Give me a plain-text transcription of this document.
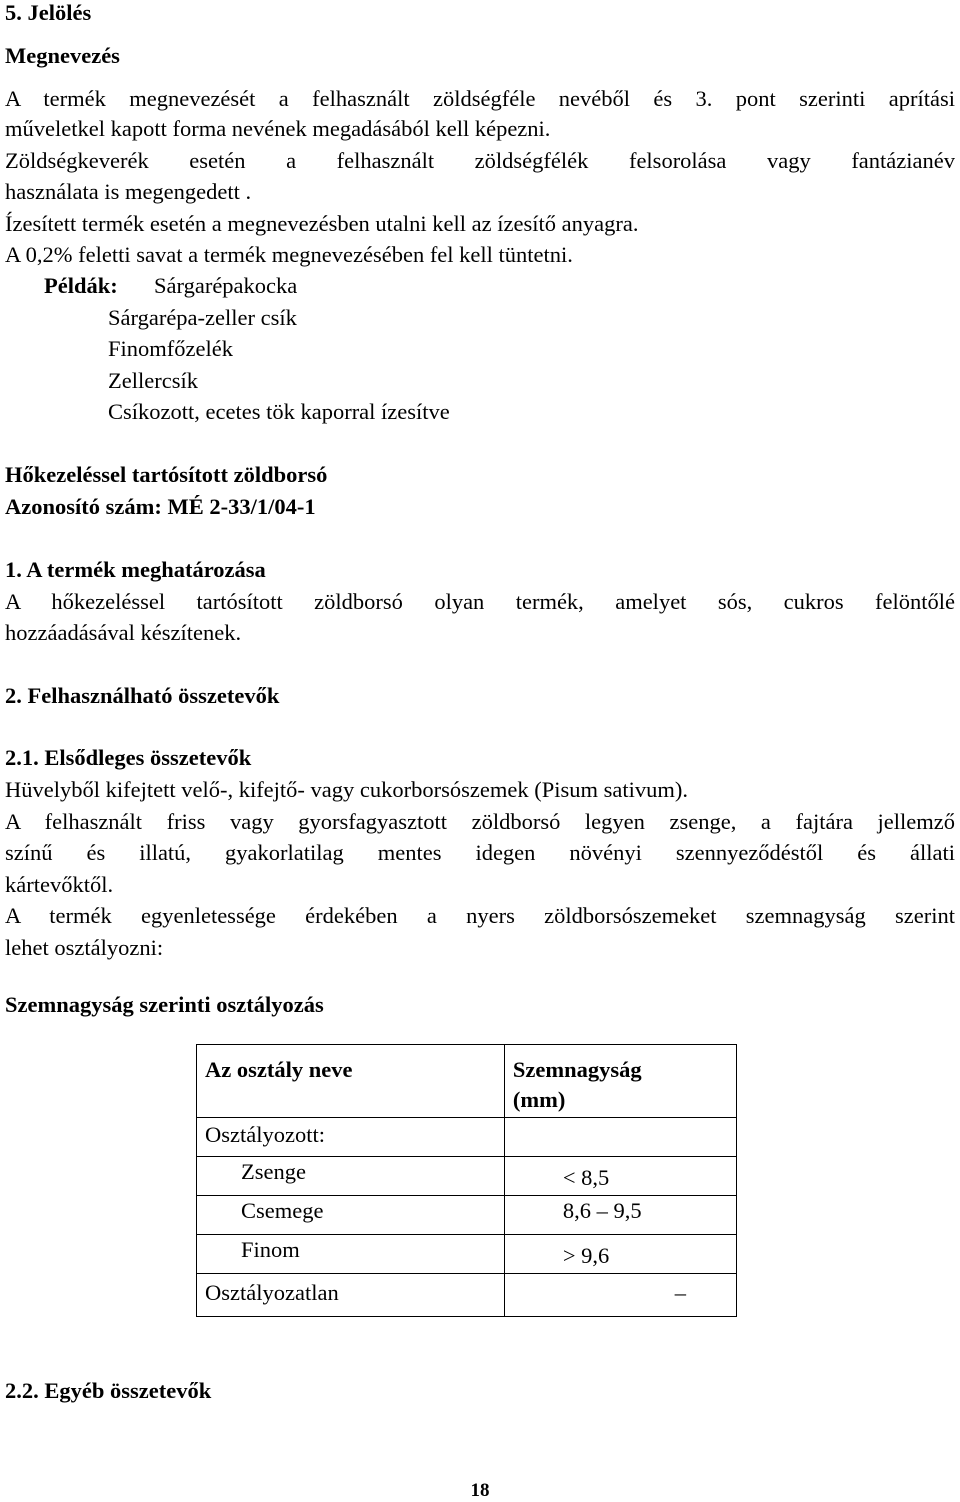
5. Jelölés
Megnevezés
A termék megnevezését a felhasznált zöldségféle nevéből és 3. pont szerinti aprítási
műveletkel kapott forma nevének megadásából kell képezni.
Zöldségkeverék esetén a felhasznált zöldségfélék felsorolása vagy fantázianév
használata is megengedett .
Ízesített termék esetén a megnevezésben utalni kell az ízesítő anyagra.
A 0,2% feletti savat a termék megnevezésében fel kell tüntetni.
Példák: Sárgarépakocka
Sárgarépa-zeller csík
Finomfőzelék
Zellercsík
Csíkozott, ecetes tök kaporral ízesítve
Hőkezeléssel tartósított zöldborsó
Azonosító szám: MÉ 2-33/1/04-1
1. A termék meghatározása
A hőkezeléssel tartósított zöldborsó olyan termék, amelyet sós, cukros felöntőlé
hozzáadásával készítenek.
2. Felhasználható összetevők
2.1. Elsődleges összetevők
Hüvelyből kifejtett velő-, kifejtő- vagy cukorborsószemek (Pisum sativum).
A felhasznált friss vagy gyorsfagyasztott zöldborsó legyen zsenge, a fajtára jellemző
színű és illatú, gyakorlatilag mentes idegen növényi szennyeződéstől és állati
kártevőktől.
A termék egyenletessége érdekében a nyers zöldborsószemeket szemnagyság szerint
lehet osztályozni:
Szemnagyság szerinti osztályozás
Az osztály neve	Szemnagyság
(mm)
Osztályozott:	
Zsenge	< 8,5
Csemege	8,6 – 9,5
Finom	> 9,6
Osztályozatlan	–
2.2. Egyéb összetevők
18
